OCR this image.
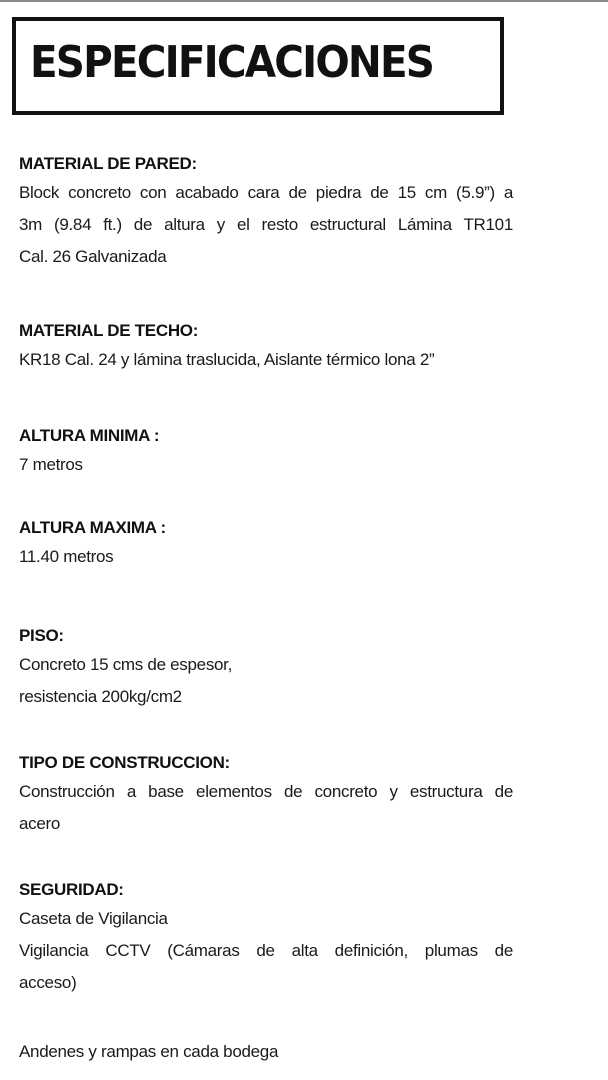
ESPECIFICACIONES
MATERIAL DE PARED:
Block concreto con acabado cara de piedra de 15 cm (5.9”) a
3m (9.84 ft.) de altura y el resto estructural Lámina TR101
Cal. 26 Galvanizada
MATERIAL DE TECHO:
KR18 Cal. 24 y lámina traslucida, Aislante térmico lona 2”
ALTURA MINIMA :
7 metros
ALTURA MAXIMA :
11.40 metros
PISO:
Concreto 15 cms de espesor,
resistencia 200kg/cm2
TIPO DE CONSTRUCCION:
Construcción a base elementos de concreto y estructura de
acero
SEGURIDAD:
Caseta de Vigilancia
Vigilancia CCTV (Cámaras de alta definición, plumas de
acceso)
Andenes y rampas en cada bodega
